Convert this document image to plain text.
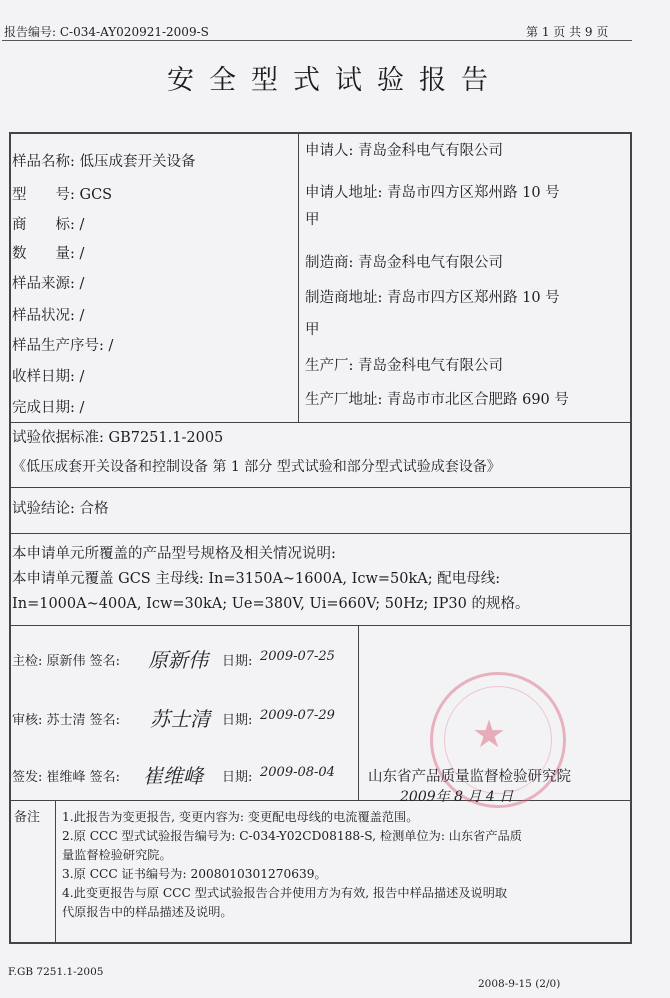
报告编号: C-034-AY020921-2009-S	第 1 页 共 9 页
安全型式试验报告
样品名称: 低压成套开关设备
型　　号: GCS
商　　标: /
数　　量: /
样品来源: /
样品状况: /
样品生产序号: /
收样日期: /
完成日期: /
申请人: 青岛金科电气有限公司
申请人地址: 青岛市四方区郑州路 10 号
甲
制造商: 青岛金科电气有限公司
制造商地址: 青岛市四方区郑州路 10 号
甲
生产厂: 青岛金科电气有限公司
生产厂地址: 青岛市市北区合肥路 690 号
试验依据标准: GB7251.1-2005
《低压成套开关设备和控制设备 第 1 部分 型式试验和部分型式试验成套设备》
试验结论: 合格
本申请单元所覆盖的产品型号规格及相关情况说明:
本申请单元覆盖 GCS 主母线: In=3150A~1600A, Icw=50kA; 配电母线:
In=1000A~400A, Icw=30kA; Ue=380V, Ui=660V; 50Hz; IP30 的规格。
主检: 原新伟 签名: 原新伟 日期: 2009-07-25
审核: 苏士清 签名: 苏士清 日期: 2009-07-29
签发: 崔维峰 签名: 崔维峰 日期: 2009-08-04
★
山东省产品质量监督检验研究院
2009年 8 月 4 日
备注 1.此报告为变更报告, 变更内容为: 变更配电母线的电流覆盖范围。
2.原 CCC 型式试验报告编号为: C-034-Y02CD08188-S, 检测单位为: 山东省产品质
量监督检验研究院。
3.原 CCC 证书编号为: 2008010301270639。
4.此变更报告与原 CCC 型式试验报告合并使用方为有效, 报告中样品描述及说明取
代原报告中的样品描述及说明。
F.GB 7251.1-2005
2008-9-15 (2/0)
